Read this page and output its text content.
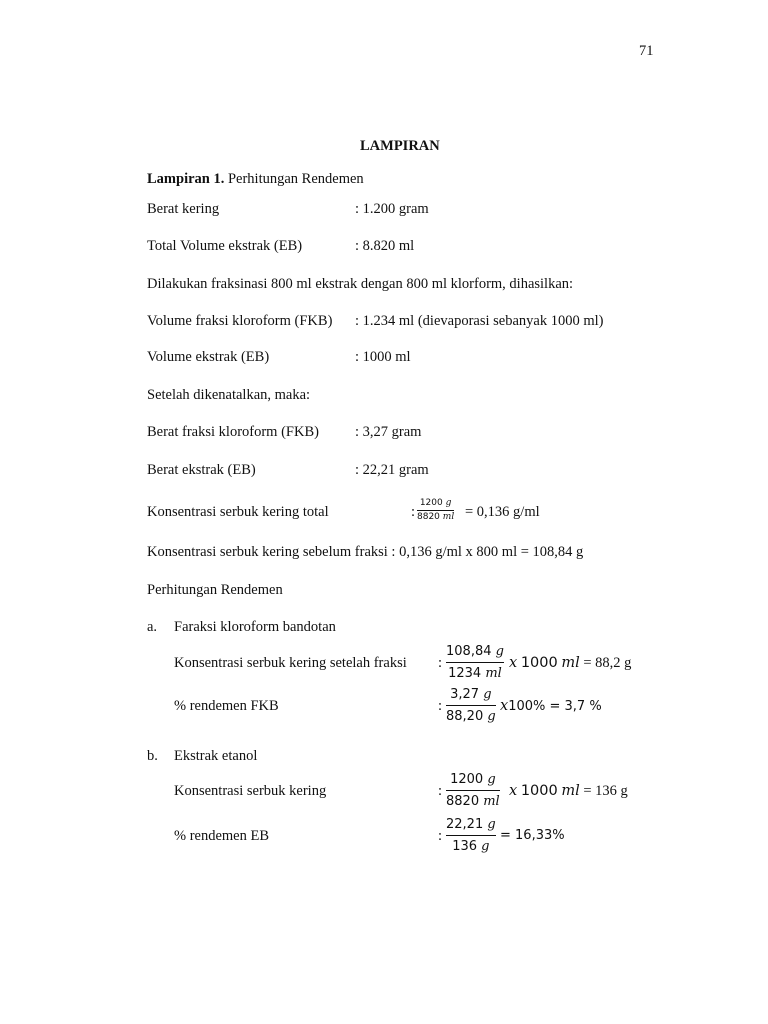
71
LAMPIRAN
Lampiran 1. Perhitungan Rendemen
Berat kering	: 1.200 gram
Total Volume ekstrak (EB)	: 8.820 ml
Dilakukan fraksinasi 800 ml ekstrak dengan 800 ml klorform, dihasilkan:
Volume fraksi kloroform (FKB) : 1.234 ml (dievaporasi sebanyak 1000 ml)
Volume ekstrak (EB)	: 1000 ml
Setelah dikenatalkan, maka:
Berat fraksi kloroform (FKB) : 3,27 gram
Berat ekstrak (EB)	: 22,21 gram
Konsentrasi serbuk kering total	:
1200 g
8820 ml = 0,136 g/ml
Konsentrasi serbuk kering sebelum fraksi : 0,136 g/ml x 800 ml = 108,84 g
Perhitungan Rendemen
a. Faraksi kloroform bandotan
Konsentrasi serbuk kering setelah fraksi :
108,84 g
1234 ml
x 1000 ml = 88,2 g
% rendemen FKB	:
3,27 g
88,20 g
x100% = 3,7 %
b. Ekstrak etanol
Konsentrasi serbuk kering	:
1200 g
8820 ml
x 1000 ml = 136 g
% rendemen EB	:
22,21 g
136 g
= 16,33%
